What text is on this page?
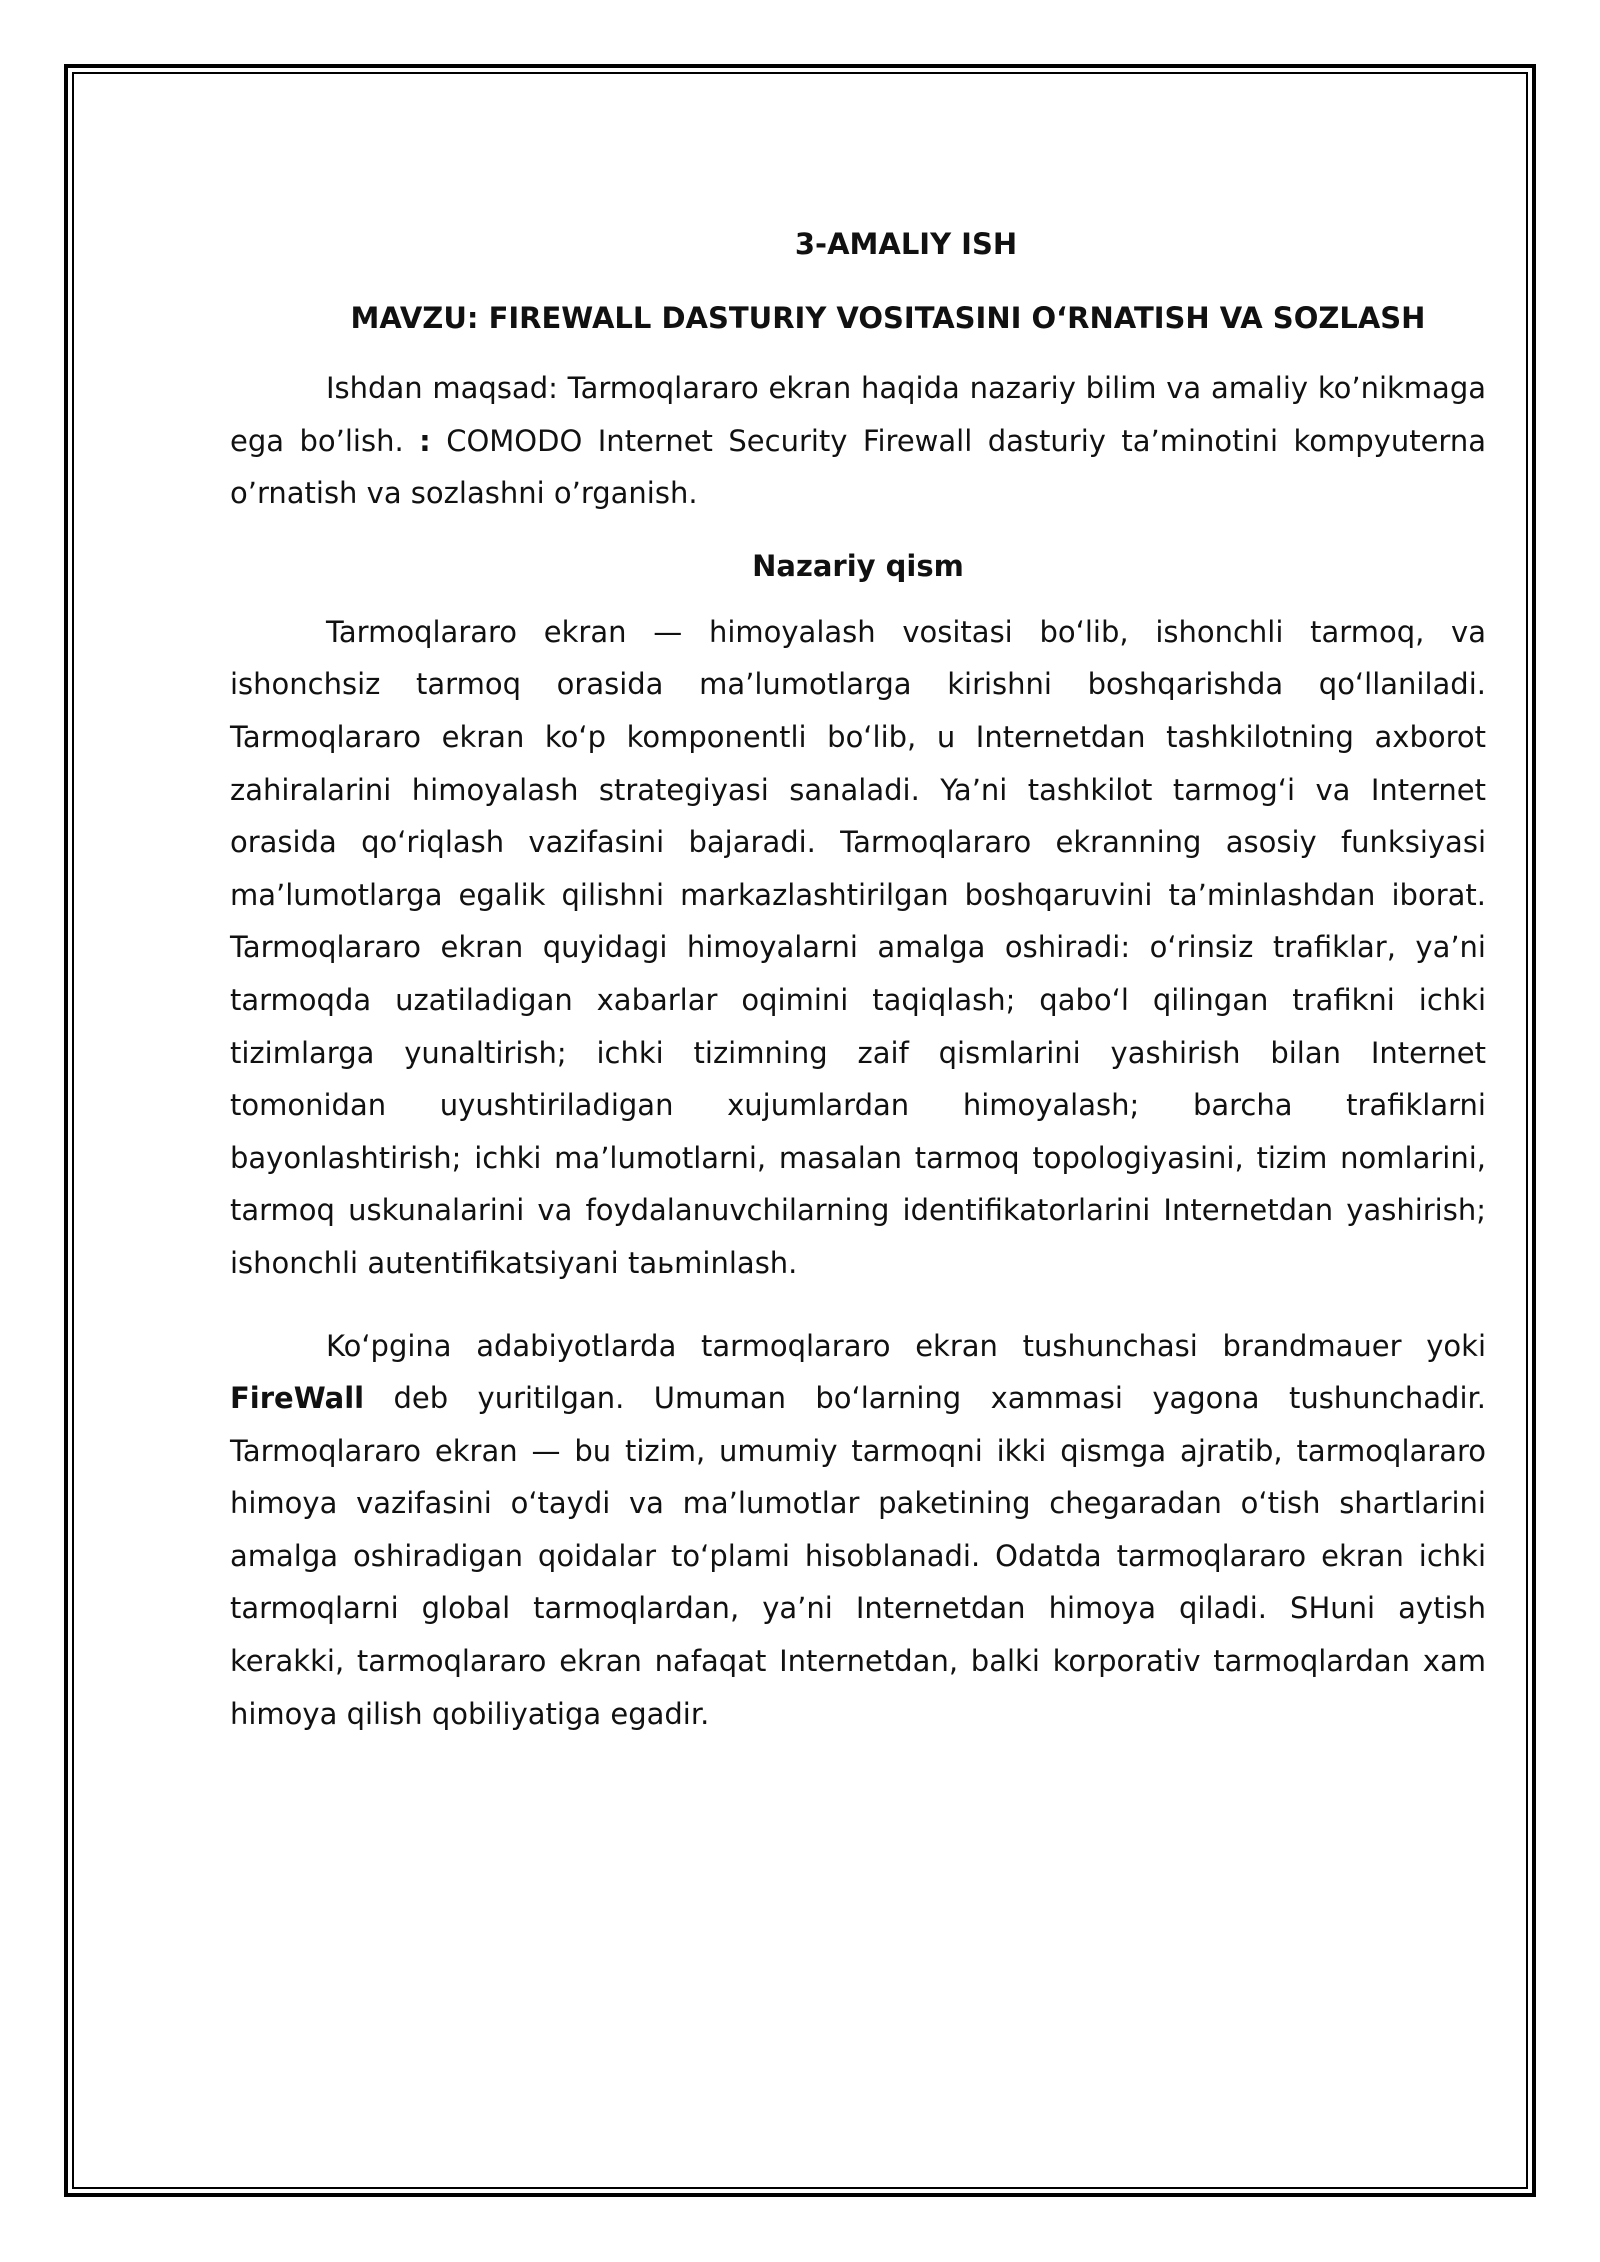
3-AMALIY ISH
MAVZU: FIREWALL DASTURIY VOSITASINI O‘RNATISH VA SOZLASH

Ishdan maqsad: Tarmoqlararo ekran haqida nazariy bilim va amaliy ko’nikmaga ega bo’lish. : COMODO Internet Security Firewall dasturiy ta’minotini kompyuterna o’rnatish va sozlashni o’rganish.

Nazariy qism

Tarmoqlararo ekran — himoyalash vositasi bo‘lib, ishonchli tarmoq, va ishonchsiz tarmoq orasida ma’lumotlarga kirishni boshqarishda qo‘llaniladi. Tarmoqlararo ekran ko‘p komponentli bo‘lib, u Internetdan tashkilotning axborot zahiralarini himoyalash strategiyasi sanaladi. Ya’ni tashkilot tarmog‘i va Internet orasida qo‘riqlash vazifasini bajaradi. Tarmoqlararo ekranning asosiy funksiyasi ma’lumotlarga egalik qilishni markazlashtirilgan boshqaruvini ta’minlashdan iborat. Tarmoqlararo ekran quyidagi himoyalarni amalga oshiradi: o‘rinsiz trafiklar, ya’ni tarmoqda uzatiladigan xabarlar oqimini taqiqlash; qabo‘l qilingan trafikni ichki tizimlarga yunaltirish; ichki tizimning zaif qismlarini yashirish bilan Internet tomonidan uyushtiriladigan xujumlardan himoyalash; barcha trafiklarni bayonlashtirish; ichki ma’lumotlarni, masalan tarmoq topologiyasini, tizim nomlarini, tarmoq uskunalarini va foydalanuvchilarning identifikatorlarini Internetdan yashirish; ishonchli autentifikatsiyani taьminlash.

Ko‘pgina adabiyotlarda tarmoqlararo ekran tushunchasi brandmauer yoki FireWall deb yuritilgan. Umuman bo‘larning xammasi yagona tushunchadir. Tarmoqlararo ekran — bu tizim, umumiy tarmoqni ikki qismga ajratib, tarmoqlararo himoya vazifasini o‘taydi va ma’lumotlar paketining chegaradan o‘tish shartlarini amalga oshiradigan qoidalar to‘plami hisoblanadi. Odatda tarmoqlararo ekran ichki tarmoqlarni global tarmoqlardan, ya’ni Internetdan himoya qiladi. SHuni aytish kerakki, tarmoqlararo ekran nafaqat Internetdan, balki korporativ tarmoqlardan xam himoya qilish qobiliyatiga egadir.
